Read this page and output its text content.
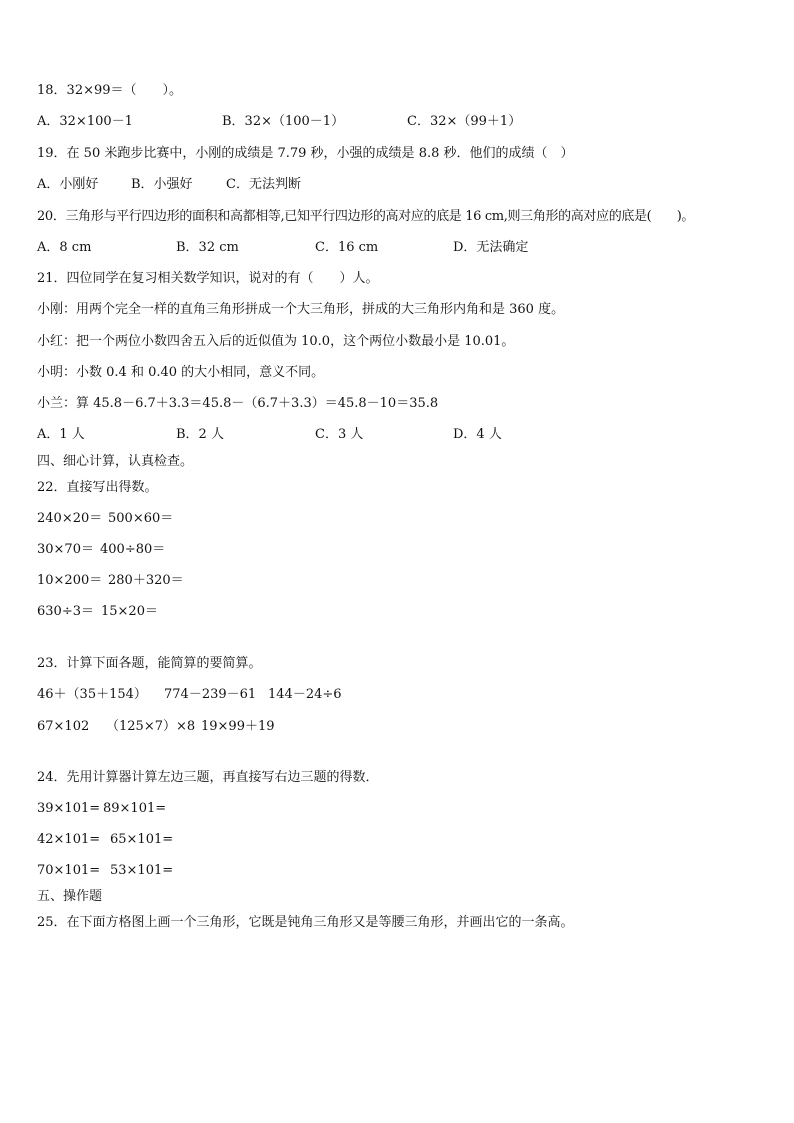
18．32×99＝（　　）。
A．32×100－1	B．32×（100－1）	C．32×（99＋1）
19．在 50 米跑步比赛中，小刚的成绩是 7.79 秒，小强的成绩是 8.8 秒．他们的成绩（　）
A．小刚好	B．小强好	C．无法判断
20．三角形与平行四边形的面积和高都相等,已知平行四边形的高对应的底是 16 cm,则三角形的高对应的底是(　　)。
A．8 cm	B．32 cm	C．16 cm	D．无法确定
21．四位同学在复习相关数学知识，说对的有（　　）人。
小刚：用两个完全一样的直角三角形拼成一个大三角形，拼成的大三角形内角和是 360 度。
小红：把一个两位小数四舍五入后的近似值为 10.0，这个两位小数最小是 10.01。
小明：小数 0.4 和 0.40 的大小相同，意义不同。
小兰：算 45.8－6.7＋3.3＝45.8－（6.7＋3.3）＝45.8－10＝35.8
A．1 人	B．2 人	C．3 人	D．4 人
四、细心计算，认真检查。
22．直接写出得数。
240×20＝ 500×60＝
30×70＝ 400÷80＝
10×200＝ 280＋320＝
630÷3＝ 15×20＝
23．计算下面各题，能简算的要简算。
46＋（35＋154） 774－239－61 144－24÷6
67×102 （125×7）×8 19×99＋19
24．先用计算器计算左边三题，再直接写右边三题的得数．
39×101= 89×101=
42×101= 65×101=
70×101= 53×101=
五、操作题
25．在下面方格图上画一个三角形，它既是钝角三角形又是等腰三角形，并画出它的一条高。
